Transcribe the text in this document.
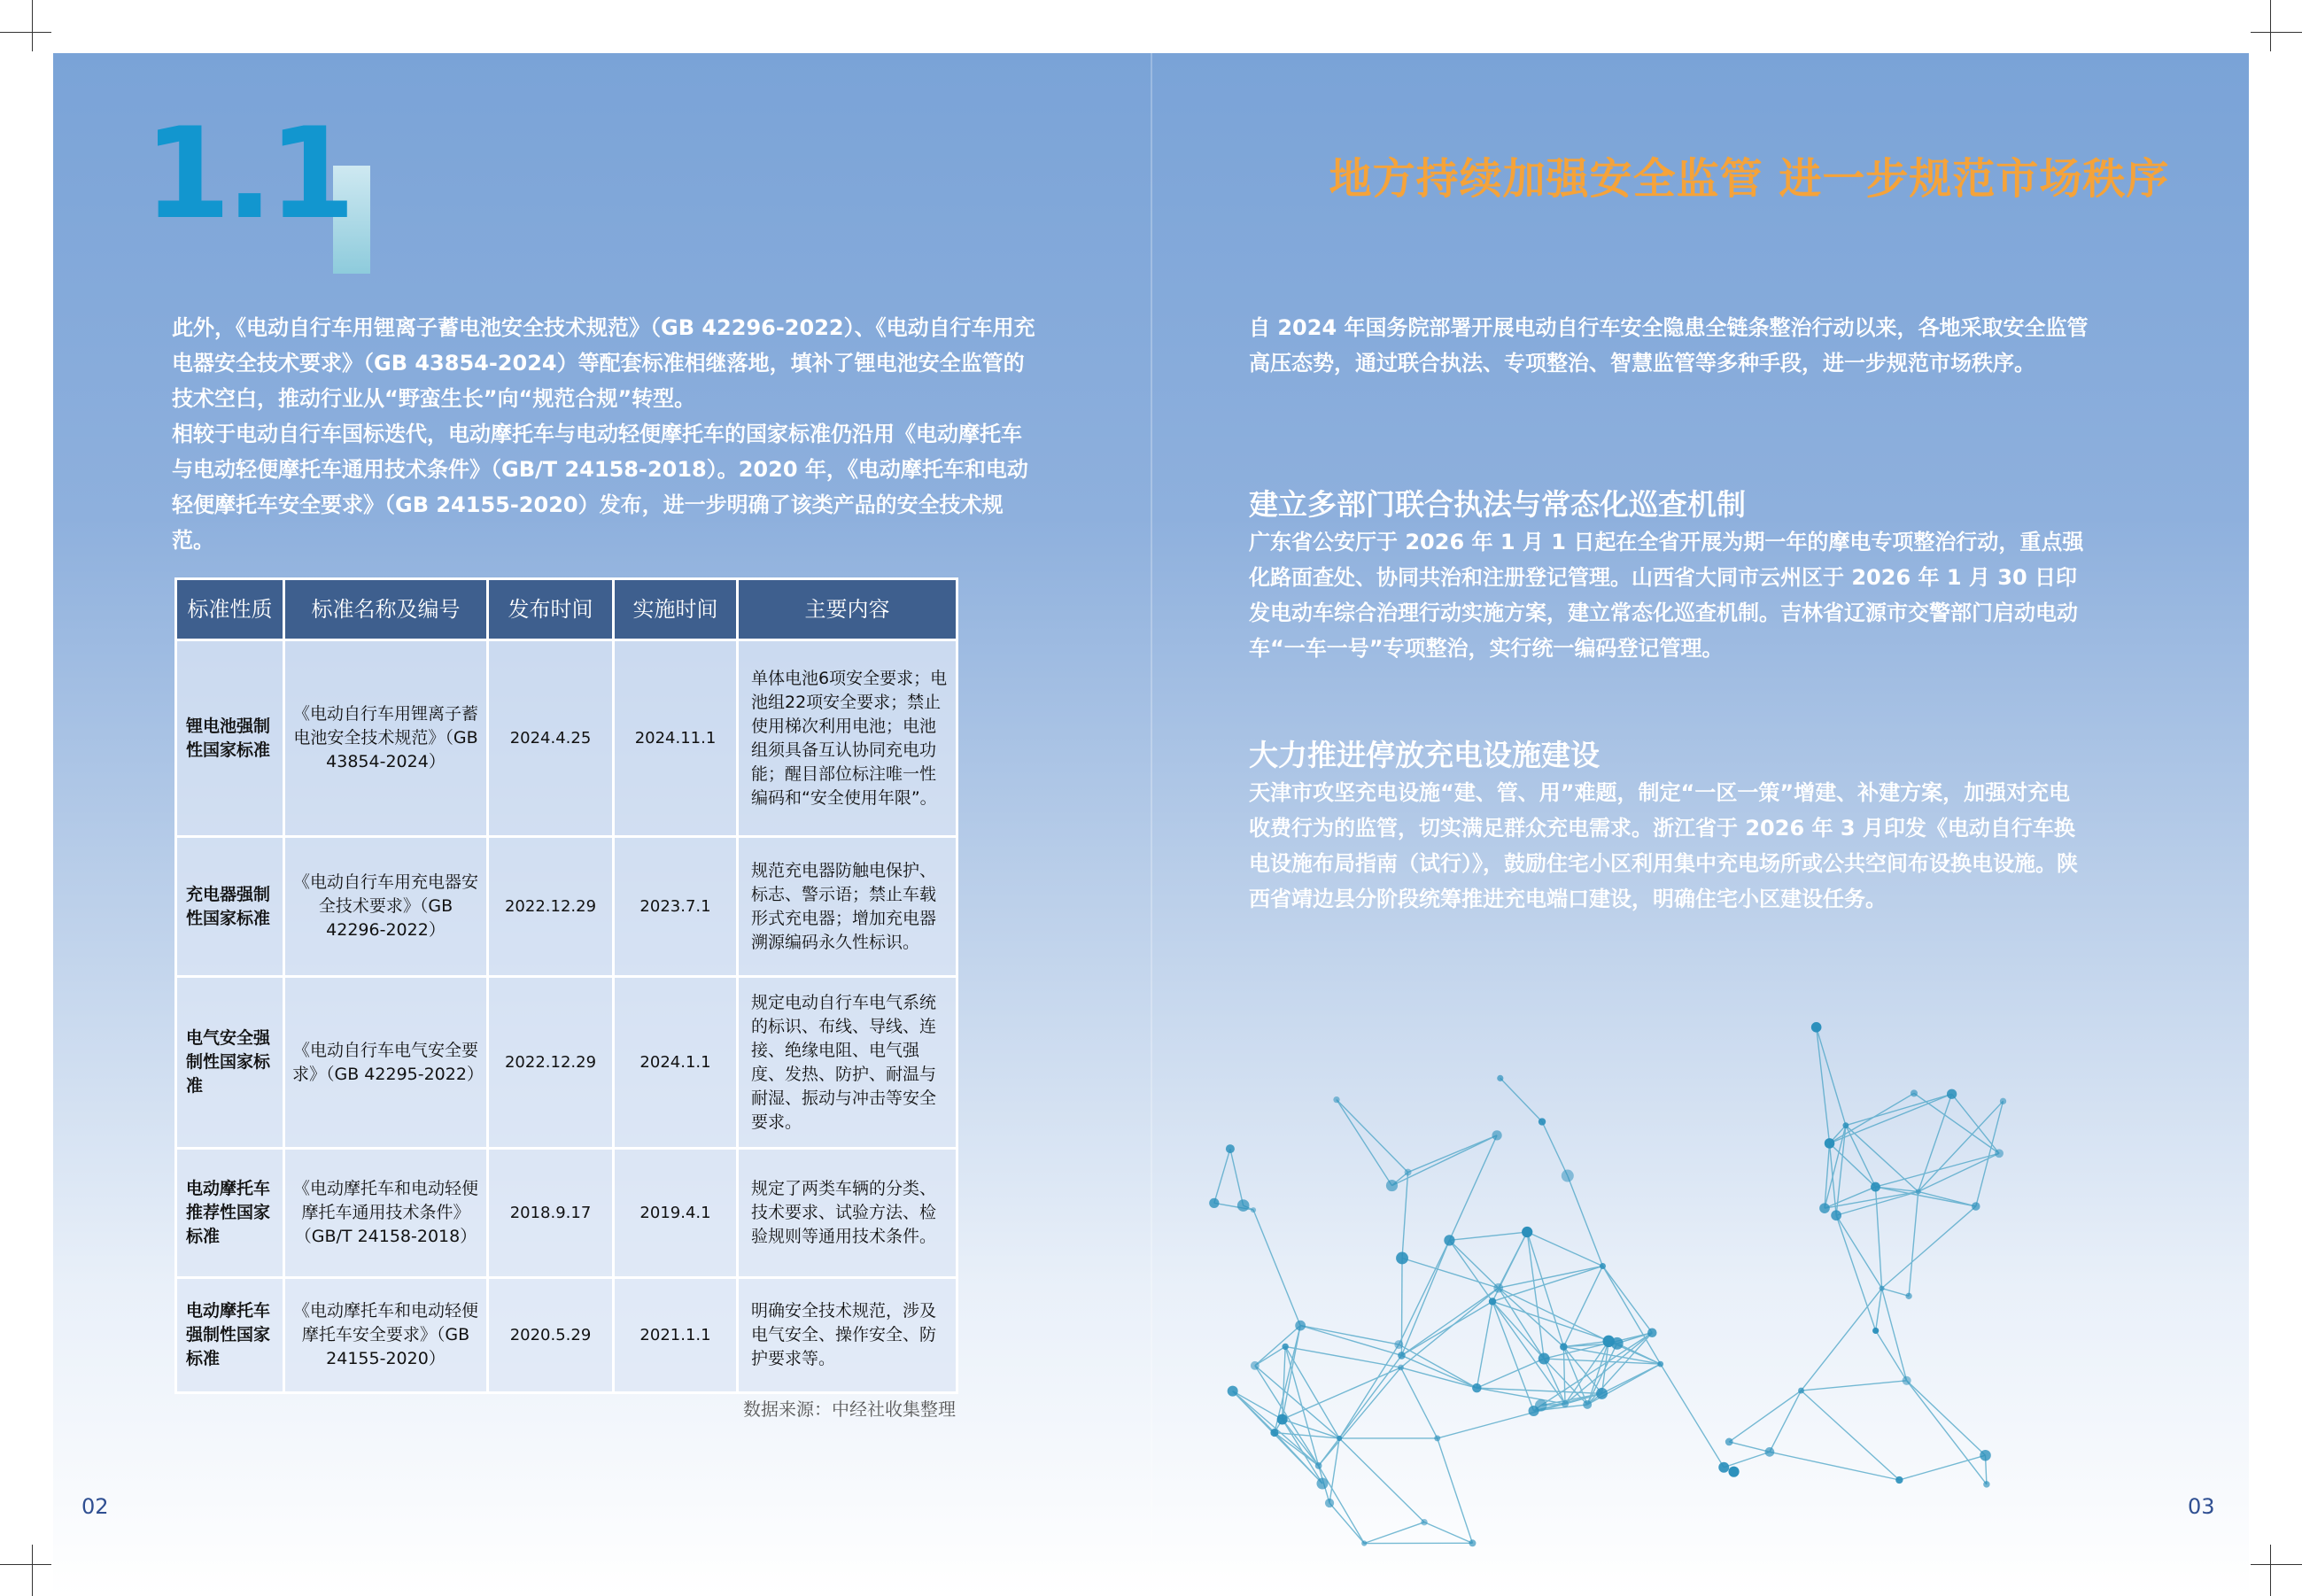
1.1

此外，《电动自行车用锂离子蓄电池安全技术规范》（GB 42296-2022）、《电动自行车用充电器安全技术要求》（GB 43854-2024）等配套标准相继落地，填补了锂电池安全监管的技术空白，推动行业从“野蛮生长”向“规范合规”转型。

相较于电动自行车国标迭代，电动摩托车与电动轻便摩托车的国家标准仍沿用《电动摩托车与电动轻便摩托车通用技术条件》（GB/T 24158-2018）。2020 年，《电动摩托车和电动轻便摩托车安全要求》（GB 24155-2020）发布，进一步明确了该类产品的安全技术规范。

标准性质	标准名称及编号	发布时间	实施时间	主要内容
锂电池强制性国家标准	《电动自行车用锂离子蓄电池安全技术规范》（GB 43854-2024）	2024.4.25	2024.11.1	单体电池6项安全要求；电池组22项安全要求；禁止使用梯次利用电池；电池组须具备互认协同充电功能；醒目部位标注唯一性编码和“安全使用年限”。
充电器强制性国家标准	《电动自行车用充电器安全技术要求》（GB 42296-2022）	2022.12.29	2023.7.1	规范充电器防触电保护、标志、警示语；禁止车载形式充电器；增加充电器溯源编码永久性标识。
电气安全强制性国家标准	《电动自行车电气安全要求》（GB 42295-2022）	2022.12.29	2024.1.1	规定电动自行车电气系统的标识、布线、导线、连接、绝缘电阻、电气强度、发热、防护、耐温与耐湿、振动与冲击等安全要求。
电动摩托车推荐性国家标准	《电动摩托车和电动轻便摩托车通用技术条件》（GB/T 24158-2018）	2018.9.17	2019.4.1	规定了两类车辆的分类、技术要求、试验方法、检验规则等通用技术条件。
电动摩托车强制性国家标准	《电动摩托车和电动轻便摩托车安全要求》（GB 24155-2020）	2020.5.29	2021.1.1	明确安全技术规范，涉及电气安全、操作安全、防护要求等。
数据来源：中经社收集整理
02
地方持续加强安全监管 进一步规范市场秩序
自 2024 年国务院部署开展电动自行车安全隐患全链条整治行动以来，各地采取安全监管高压态势，通过联合执法、专项整治、智慧监管等多种手段，进一步规范市场秩序。
建立多部门联合执法与常态化巡查机制
广东省公安厅于 2026 年 1 月 1 日起在全省开展为期一年的摩电专项整治行动，重点强化路面查处、协同共治和注册登记管理。山西省大同市云州区于 2026 年 1 月 30 日印发电动车综合治理行动实施方案，建立常态化巡查机制。吉林省辽源市交警部门启动电动车“一车一号”专项整治，实行统一编码登记管理。
大力推进停放充电设施建设
天津市攻坚充电设施“建、管、用”难题，制定“一区一策”增建、补建方案，加强对充电收费行为的监管，切实满足群众充电需求。浙江省于 2026 年 3 月印发《电动自行车换电设施布局指南（试行）》，鼓励住宅小区利用集中充电场所或公共空间布设换电设施。陕西省靖边县分阶段统筹推进充电端口建设，明确住宅小区建设任务。
03
